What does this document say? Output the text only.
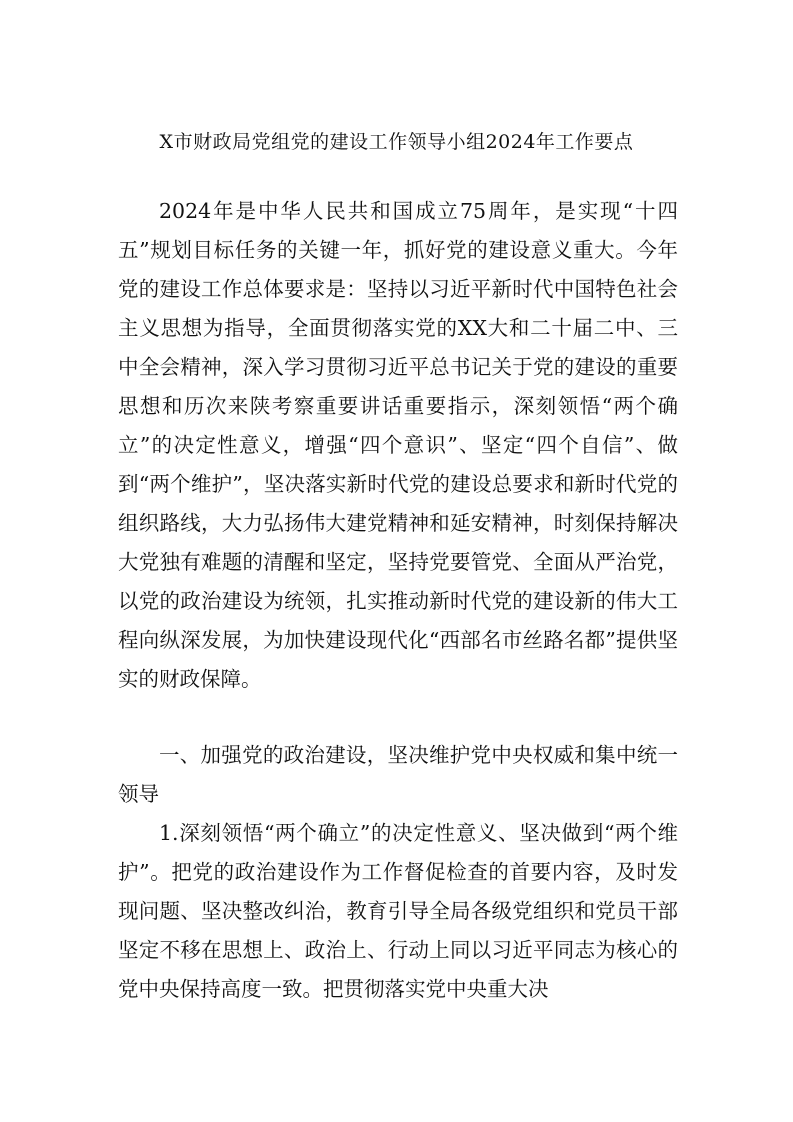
X市财政局党组党的建设工作领导小组2024年工作要点

2024年是中华人民共和国成立75周年，是实现“十四五”规划目标任务的关键一年，抓好党的建设意义重大。今年党的建设工作总体要求是：坚持以习近平新时代中国特色社会主义思想为指导，全面贯彻落实党的XX大和二十届二中、三中全会精神，深入学习贯彻习近平总书记关于党的建设的重要思想和历次来陕考察重要讲话重要指示，深刻领悟“两个确立”的决定性意义，增强“四个意识”、坚定“四个自信”、做到“两个维护”，坚决落实新时代党的建设总要求和新时代党的组织路线，大力弘扬伟大建党精神和延安精神，时刻保持解决大党独有难题的清醒和坚定，坚持党要管党、全面从严治党，以党的政治建设为统领，扎实推动新时代党的建设新的伟大工程向纵深发展，为加快建设现代化“西部名市丝路名都”提供坚实的财政保障。

一、加强党的政治建设，坚决维护党中央权威和集中统一领导

1.深刻领悟“两个确立”的决定性意义、坚决做到“两个维护”。把党的政治建设作为工作督促检查的首要内容，及时发现问题、坚决整改纠治，教育引导全局各级党组织和党员干部坚定不移在思想上、政治上、行动上同以习近平同志为核心的党中央保持高度一致。把贯彻落实党中央重大决
